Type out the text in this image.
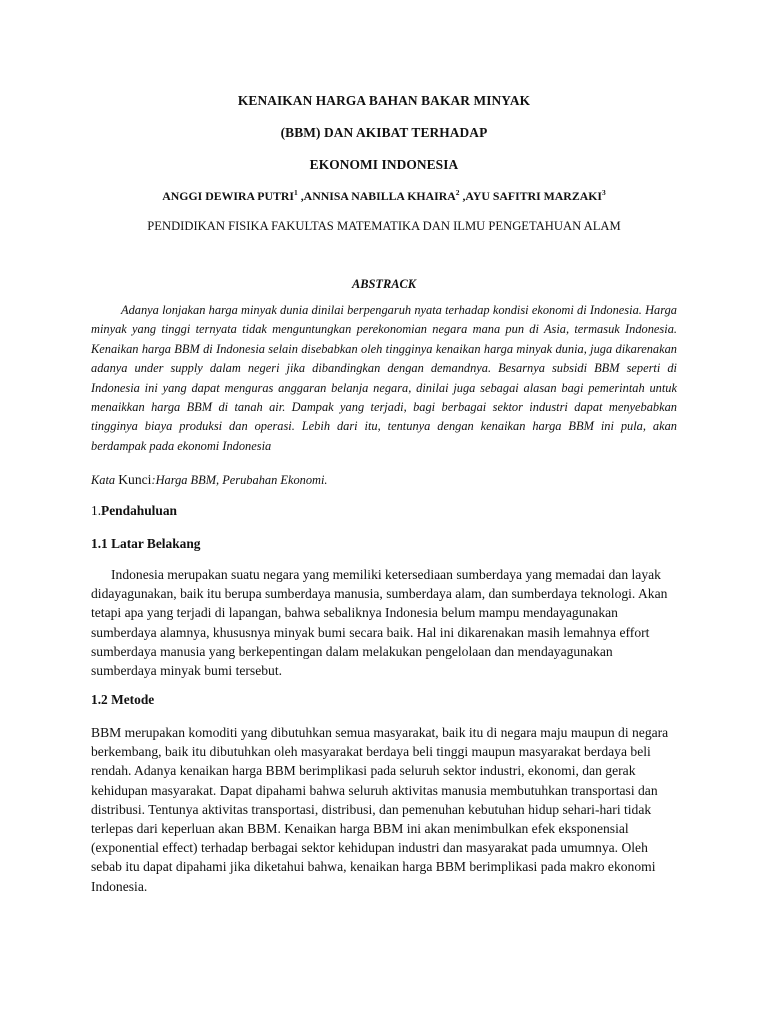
KENAIKAN HARGA BAHAN BAKAR MINYAK
(BBM) DAN AKIBAT TERHADAP
EKONOMI INDONESIA
ANGGI DEWIRA PUTRI$^1$ ,ANNISA NABILLA KHAIRA$^2$ ,AYU SAFITRI MARZAKI$^3$
PENDIDIKAN FISIKA FAKULTAS MATEMATIKA DAN ILMU PENGETAHUAN ALAM
ABSTRACK

Adanya lonjakan harga minyak dunia dinilai berpengaruh nyata terhadap kondisi ekonomi di Indonesia. Harga minyak yang tinggi ternyata tidak menguntungkan perekonomian negara mana pun di Asia, termasuk Indonesia. Kenaikan harga BBM di Indonesia selain disebabkan oleh tingginya kenaikan harga minyak dunia, juga dikarenakan adanya under supply dalam negeri jika dibandingkan dengan demandnya. Besarnya subsidi BBM seperti di Indonesia ini yang dapat menguras anggaran belanja negara, dinilai juga sebagai alasan bagi pemerintah untuk menaikkan harga BBM di tanah air. Dampak yang terjadi, bagi berbagai sektor industri dapat menyebabkan tingginya biaya produksi dan operasi. Lebih dari itu, tentunya dengan kenaikan harga BBM ini pula, akan berdampak pada ekonomi Indonesia

Kata Kunci:Harga BBM, Perubahan Ekonomi.
1.Pendahuluan
1.1 Latar Belakang

Indonesia merupakan suatu negara yang memiliki ketersediaan sumberdaya yang memadai dan layak didayagunakan, baik itu berupa sumberdaya manusia, sumberdaya alam, dan sumberdaya teknologi. Akan tetapi apa yang terjadi di lapangan, bahwa sebaliknya Indonesia belum mampu mendayagunakan sumberdaya alamnya, khususnya minyak bumi secara baik. Hal ini dikarenakan masih lemahnya effort sumberdaya manusia yang berkepentingan dalam melakukan pengelolaan dan mendayagunakan sumberdaya minyak bumi tersebut.

1.2 Metode

BBM merupakan komoditi yang dibutuhkan semua masyarakat, baik itu di negara maju maupun di negara berkembang, baik itu dibutuhkan oleh masyarakat berdaya beli tinggi maupun masyarakat berdaya beli rendah. Adanya kenaikan harga BBM berimplikasi pada seluruh sektor industri, ekonomi, dan gerak kehidupan masyarakat. Dapat dipahami bahwa seluruh aktivitas manusia membutuhkan transportasi dan distribusi. Tentunya aktivitas transportasi, distribusi, dan pemenuhan kebutuhan hidup sehari-hari tidak terlepas dari keperluan akan BBM. Kenaikan harga BBM ini akan menimbulkan efek eksponensial (exponential effect) terhadap berbagai sektor kehidupan industri dan masyarakat pada umumnya. Oleh sebab itu dapat dipahami jika diketahui bahwa, kenaikan harga BBM berimplikasi pada makro ekonomi Indonesia.
